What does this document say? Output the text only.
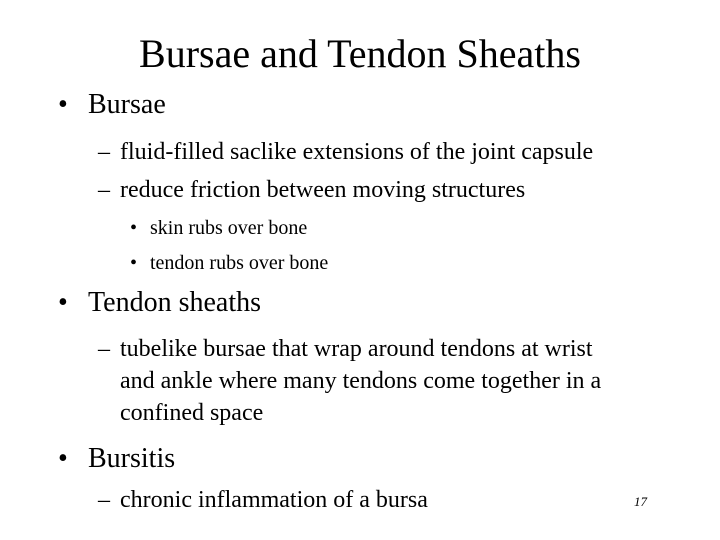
Bursae and Tendon Sheaths
• Bursae
– fluid-filled saclike extensions of the joint capsule
– reduce friction between moving structures
• skin rubs over bone
• tendon rubs over bone
• Tendon sheaths
– tubelike bursae that wrap around tendons at wrist
and ankle where many tendons come together in a
confined space
• Bursitis
– chronic inflammation of a bursa	17
